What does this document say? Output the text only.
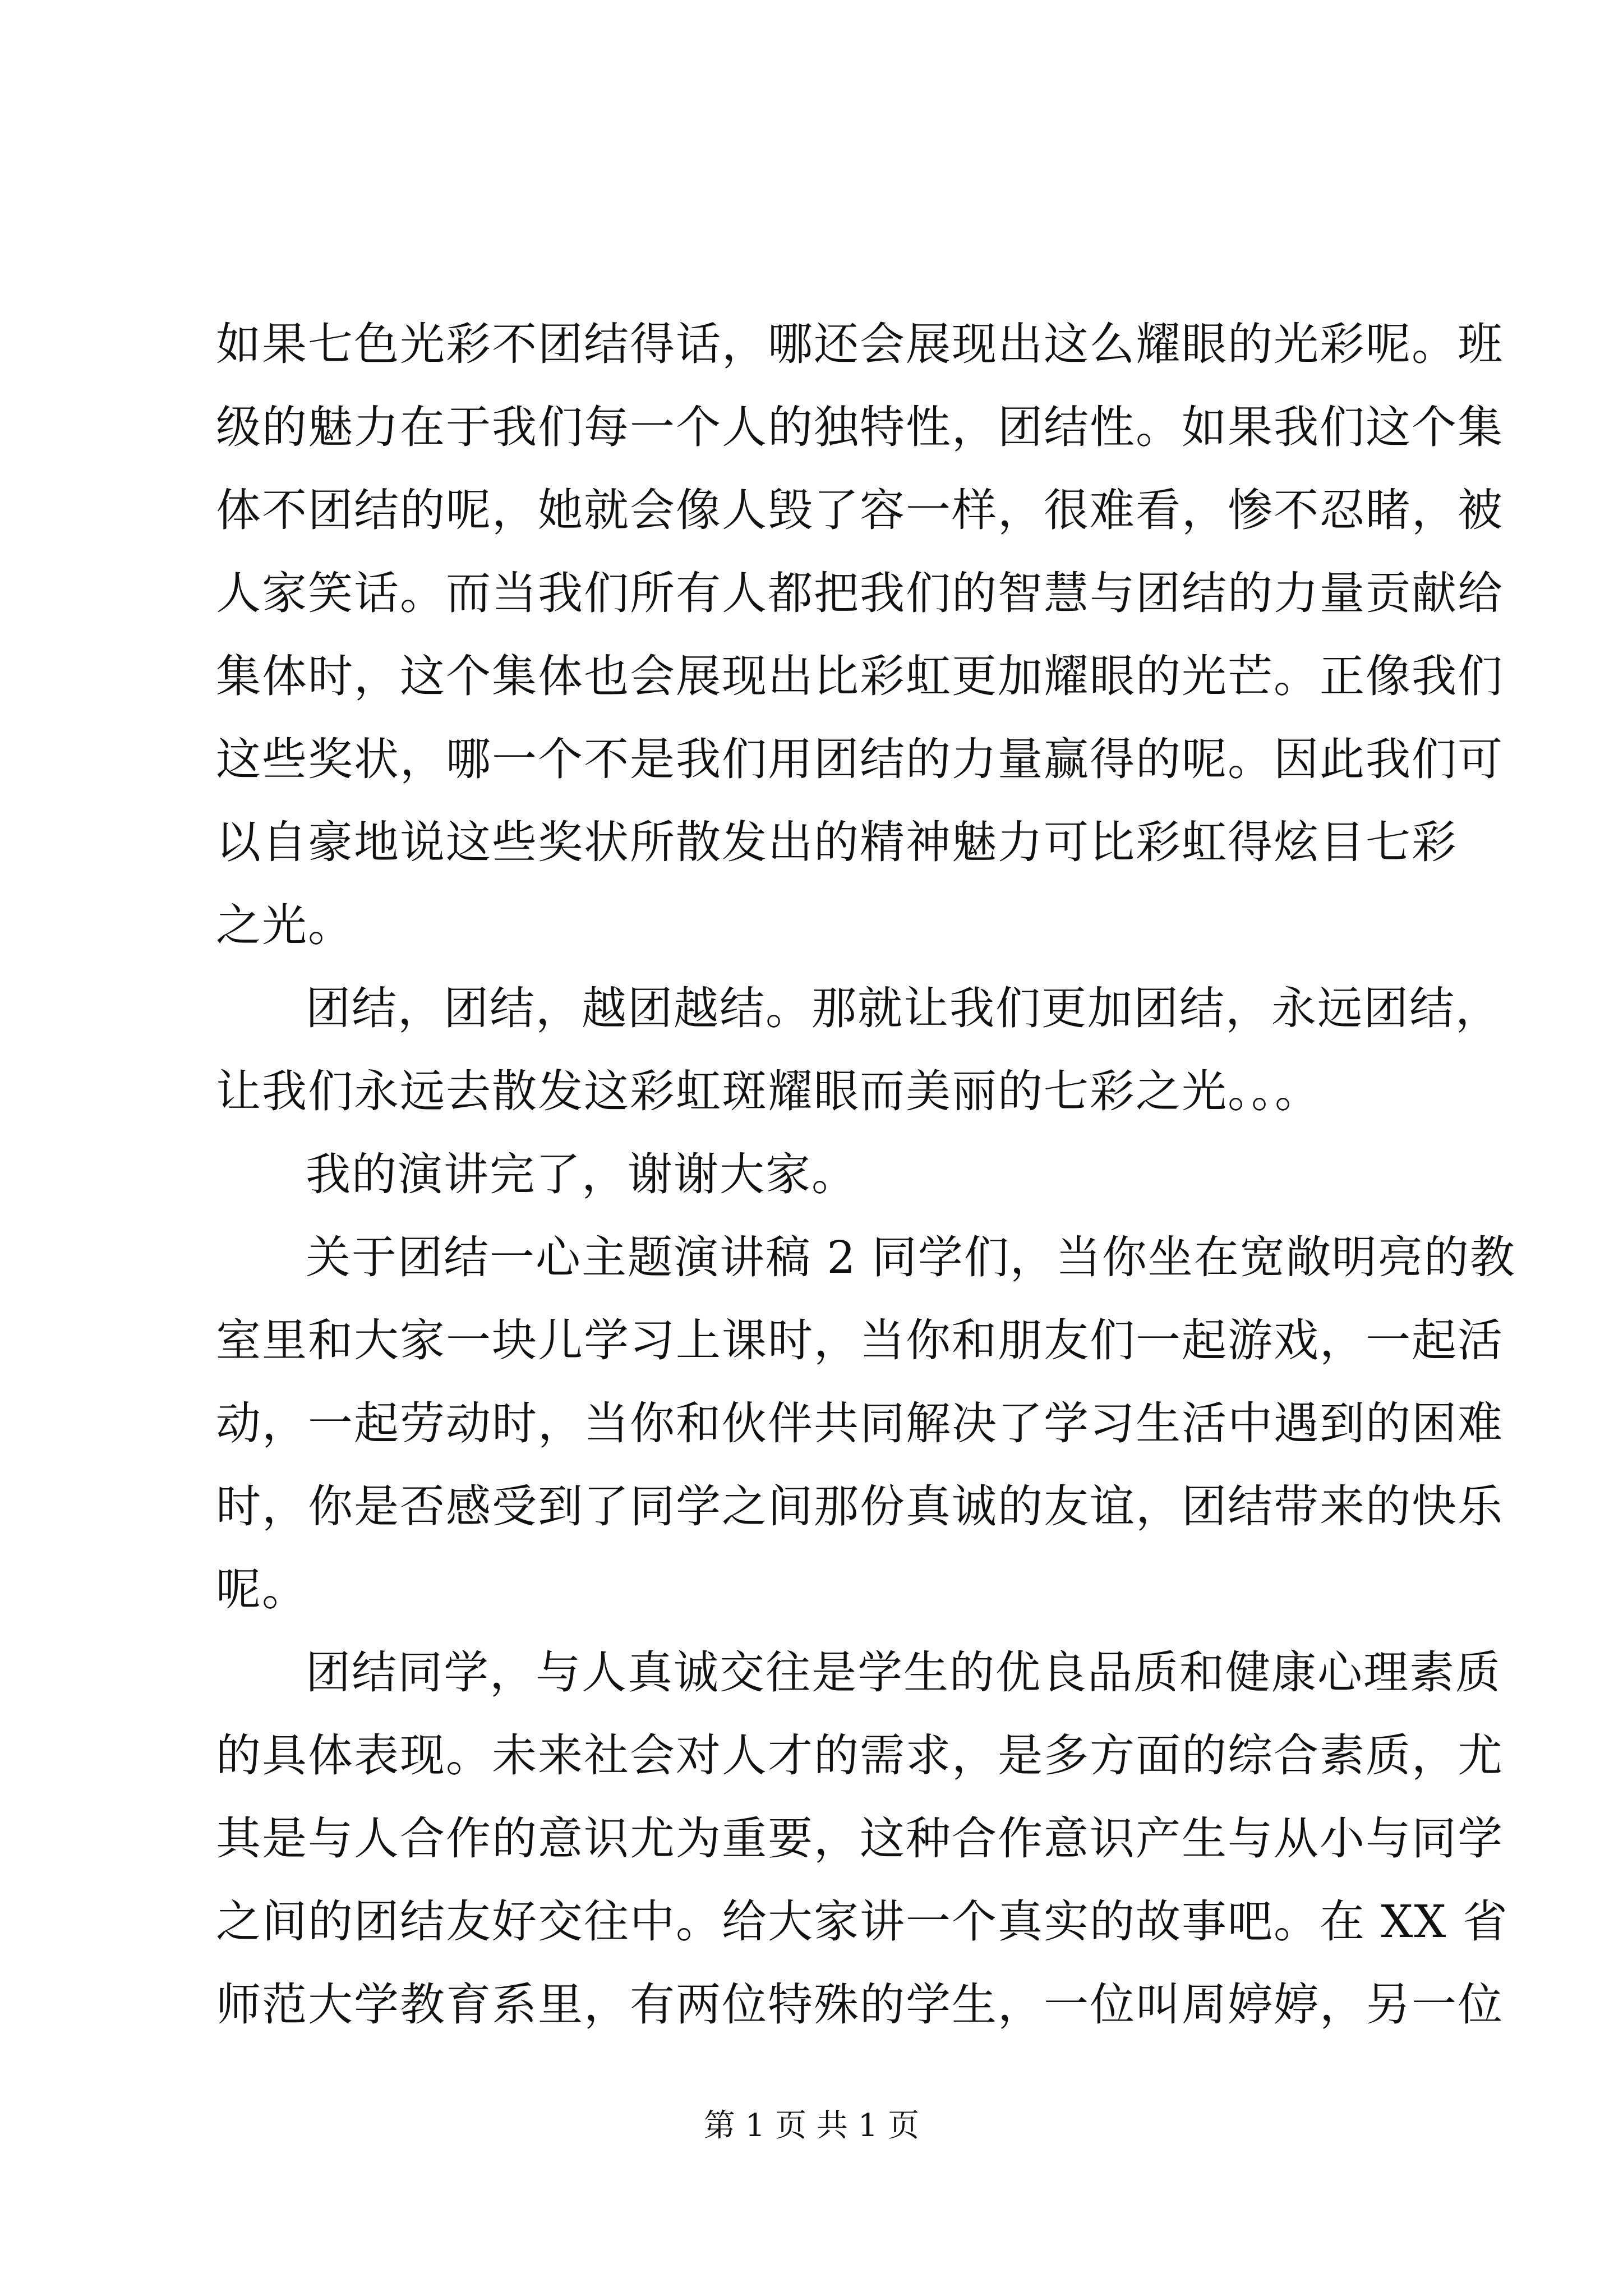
如果七色光彩不团结得话，哪还会展现出这么耀眼的光彩呢。班
级的魅力在于我们每一个人的独特性，团结性。如果我们这个集
体不团结的呢，她就会像人毁了容一样，很难看，惨不忍睹，被
人家笑话。而当我们所有人都把我们的智慧与团结的力量贡献给
集体时，这个集体也会展现出比彩虹更加耀眼的光芒。正像我们
这些奖状，哪一个不是我们用团结的力量赢得的呢。因此我们可
以自豪地说这些奖状所散发出的精神魅力可比彩虹得炫目七彩
之光。
团结，团结，越团越结。那就让我们更加团结，永远团结，
让我们永远去散发这彩虹斑耀眼而美丽的七彩之光。。。
我的演讲完了，谢谢大家。
关于团结一心主题演讲稿 2 同学们，当你坐在宽敞明亮的教
室里和大家一块儿学习上课时，当你和朋友们一起游戏，一起活
动，一起劳动时，当你和伙伴共同解决了学习生活中遇到的困难
时，你是否感受到了同学之间那份真诚的友谊，团结带来的快乐
呢。
团结同学，与人真诚交往是学生的优良品质和健康心理素质
的具体表现。未来社会对人才的需求，是多方面的综合素质，尤
其是与人合作的意识尤为重要，这种合作意识产生与从小与同学
之间的团结友好交往中。给大家讲一个真实的故事吧。在 XX 省
师范大学教育系里，有两位特殊的学生，一位叫周婷婷，另一位
第 1 页 共 1 页
